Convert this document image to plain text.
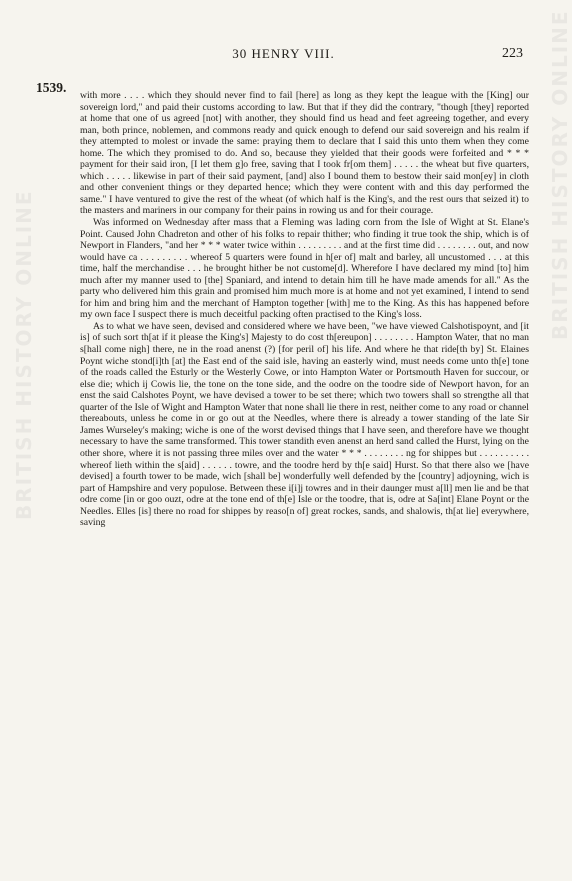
BRITISH HISTORY ONLINE
BRITISH HISTORY ONLINE
30 HENRY VIII.	223
1539.

with more . . . . which they should never find to fail [here] as long as they kept the league with the [King] our sovereign lord," and paid their customs according to law. But that if they did the contrary, "though [they] reported at home that one of us agreed [not] with another, they should find us head and feet agreeing together, and every man, both prince, noblemen, and commons ready and quick enough to defend our said sovereign and his realm if they attempted to molest or invade the same: praying them to declare that I said this unto them when they come home. The which they promised to do. And so, because they yielded that their goods were forfeited and * * * payment for their said iron, [I let them g]o free, saving that I took fr[om them] . . . . . the wheat but five quarters, which . . . . . likewise in part of their said payment, [and] also I bound them to bestow their said mon[ey] in cloth and other convenient things or they departed hence; which they were content with and this day performed the same." I have ventured to give the rest of the wheat (of which half is the King's, and the rest ours that seized it) to the masters and mariners in our company for their pains in rowing us and for their courage.

Was informed on Wednesday after mass that a Fleming was lading corn from the Isle of Wight at St. Elane's Point. Caused John Chadreton and other of his folks to repair thither; who finding it true took the ship, which is of Newport in Flanders, "and her * * * water twice within . . . . . . . . . and at the first time did . . . . . . . . out, and now would have ca . . . . . . . . . whereof 5 quarters were found in h[er of] malt and barley, all uncustomed . . . at this time, half the merchandise . . . he brought hither be not custome[d]. Wherefore I have declared my mind [to] him much after my manner used to [the] Spaniard, and intend to detain him till he have made amends for all." As the party who delivered him this grain and promised him much more is at home and not yet examined, I intend to send for him and bring him and the merchant of Hampton together [with] me to the King. As this has happened before my own face I suspect there is much deceitful packing often practised to the King's loss.

As to what we have seen, devised and considered where we have been, "we have viewed Calshotispoynt, and [it is] of such sort th[at if it please the King's] Majesty to do cost th[ereupon] . . . . . . . . Hampton Water, that no man s[hall come nigh] there, ne in the road anenst (?) [for peril of] his life. And where he that ride[th by] St. Elaines Poynt wiche stond[i]th [at] the East end of the said isle, having an easterly wind, must needs come unto th[e] tone of the roads called the Esturly or the Westerly Cowe, or into Hampton Water or Portsmouth Haven for succour, or else die; which ij Cowis lie, the tone on the tone side, and the oodre on the toodre side of Newport havon, for an enst the said Calshotes Poynt, we have devised a tower to be set there; which two towers shall so strengthe all that quarter of the Isle of Wight and Hampton Water that none shall lie there in rest, neither come to any road or channel thereabouts, unless he come in or go out at the Needles, where there is already a tower standing of the late Sir James Wurseley's making; wiche is one of the worst devised things that I have seen, and therefore have we thought necessary to have the same transformed. This tower standith even anenst an herd sand called the Hurst, lying on the other shore, where it is not passing three miles over and the water * * * . . . . . . . . ng for shippes but . . . . . . . . . . whereof lieth within the s[aid] . . . . . . towre, and the toodre herd by th[e said] Hurst. So that there also we [have devised] a fourth tower to be made, wich [shall be] wonderfully well defended by the [country] adjoyning, wich is part of Hampshire and very populose. Between these i[i]j towres and in their daunger must a[ll] men lie and be that odre come [in or goo ouzt, odre at the tone end of th[e] Isle or the toodre, that is, odre at Sa[int] Elane Poynt or the Needles. Elles [is] there no road for shippes by reaso[n of] great rockes, sands, and shalowis, th[at lie] everywhere, saving
